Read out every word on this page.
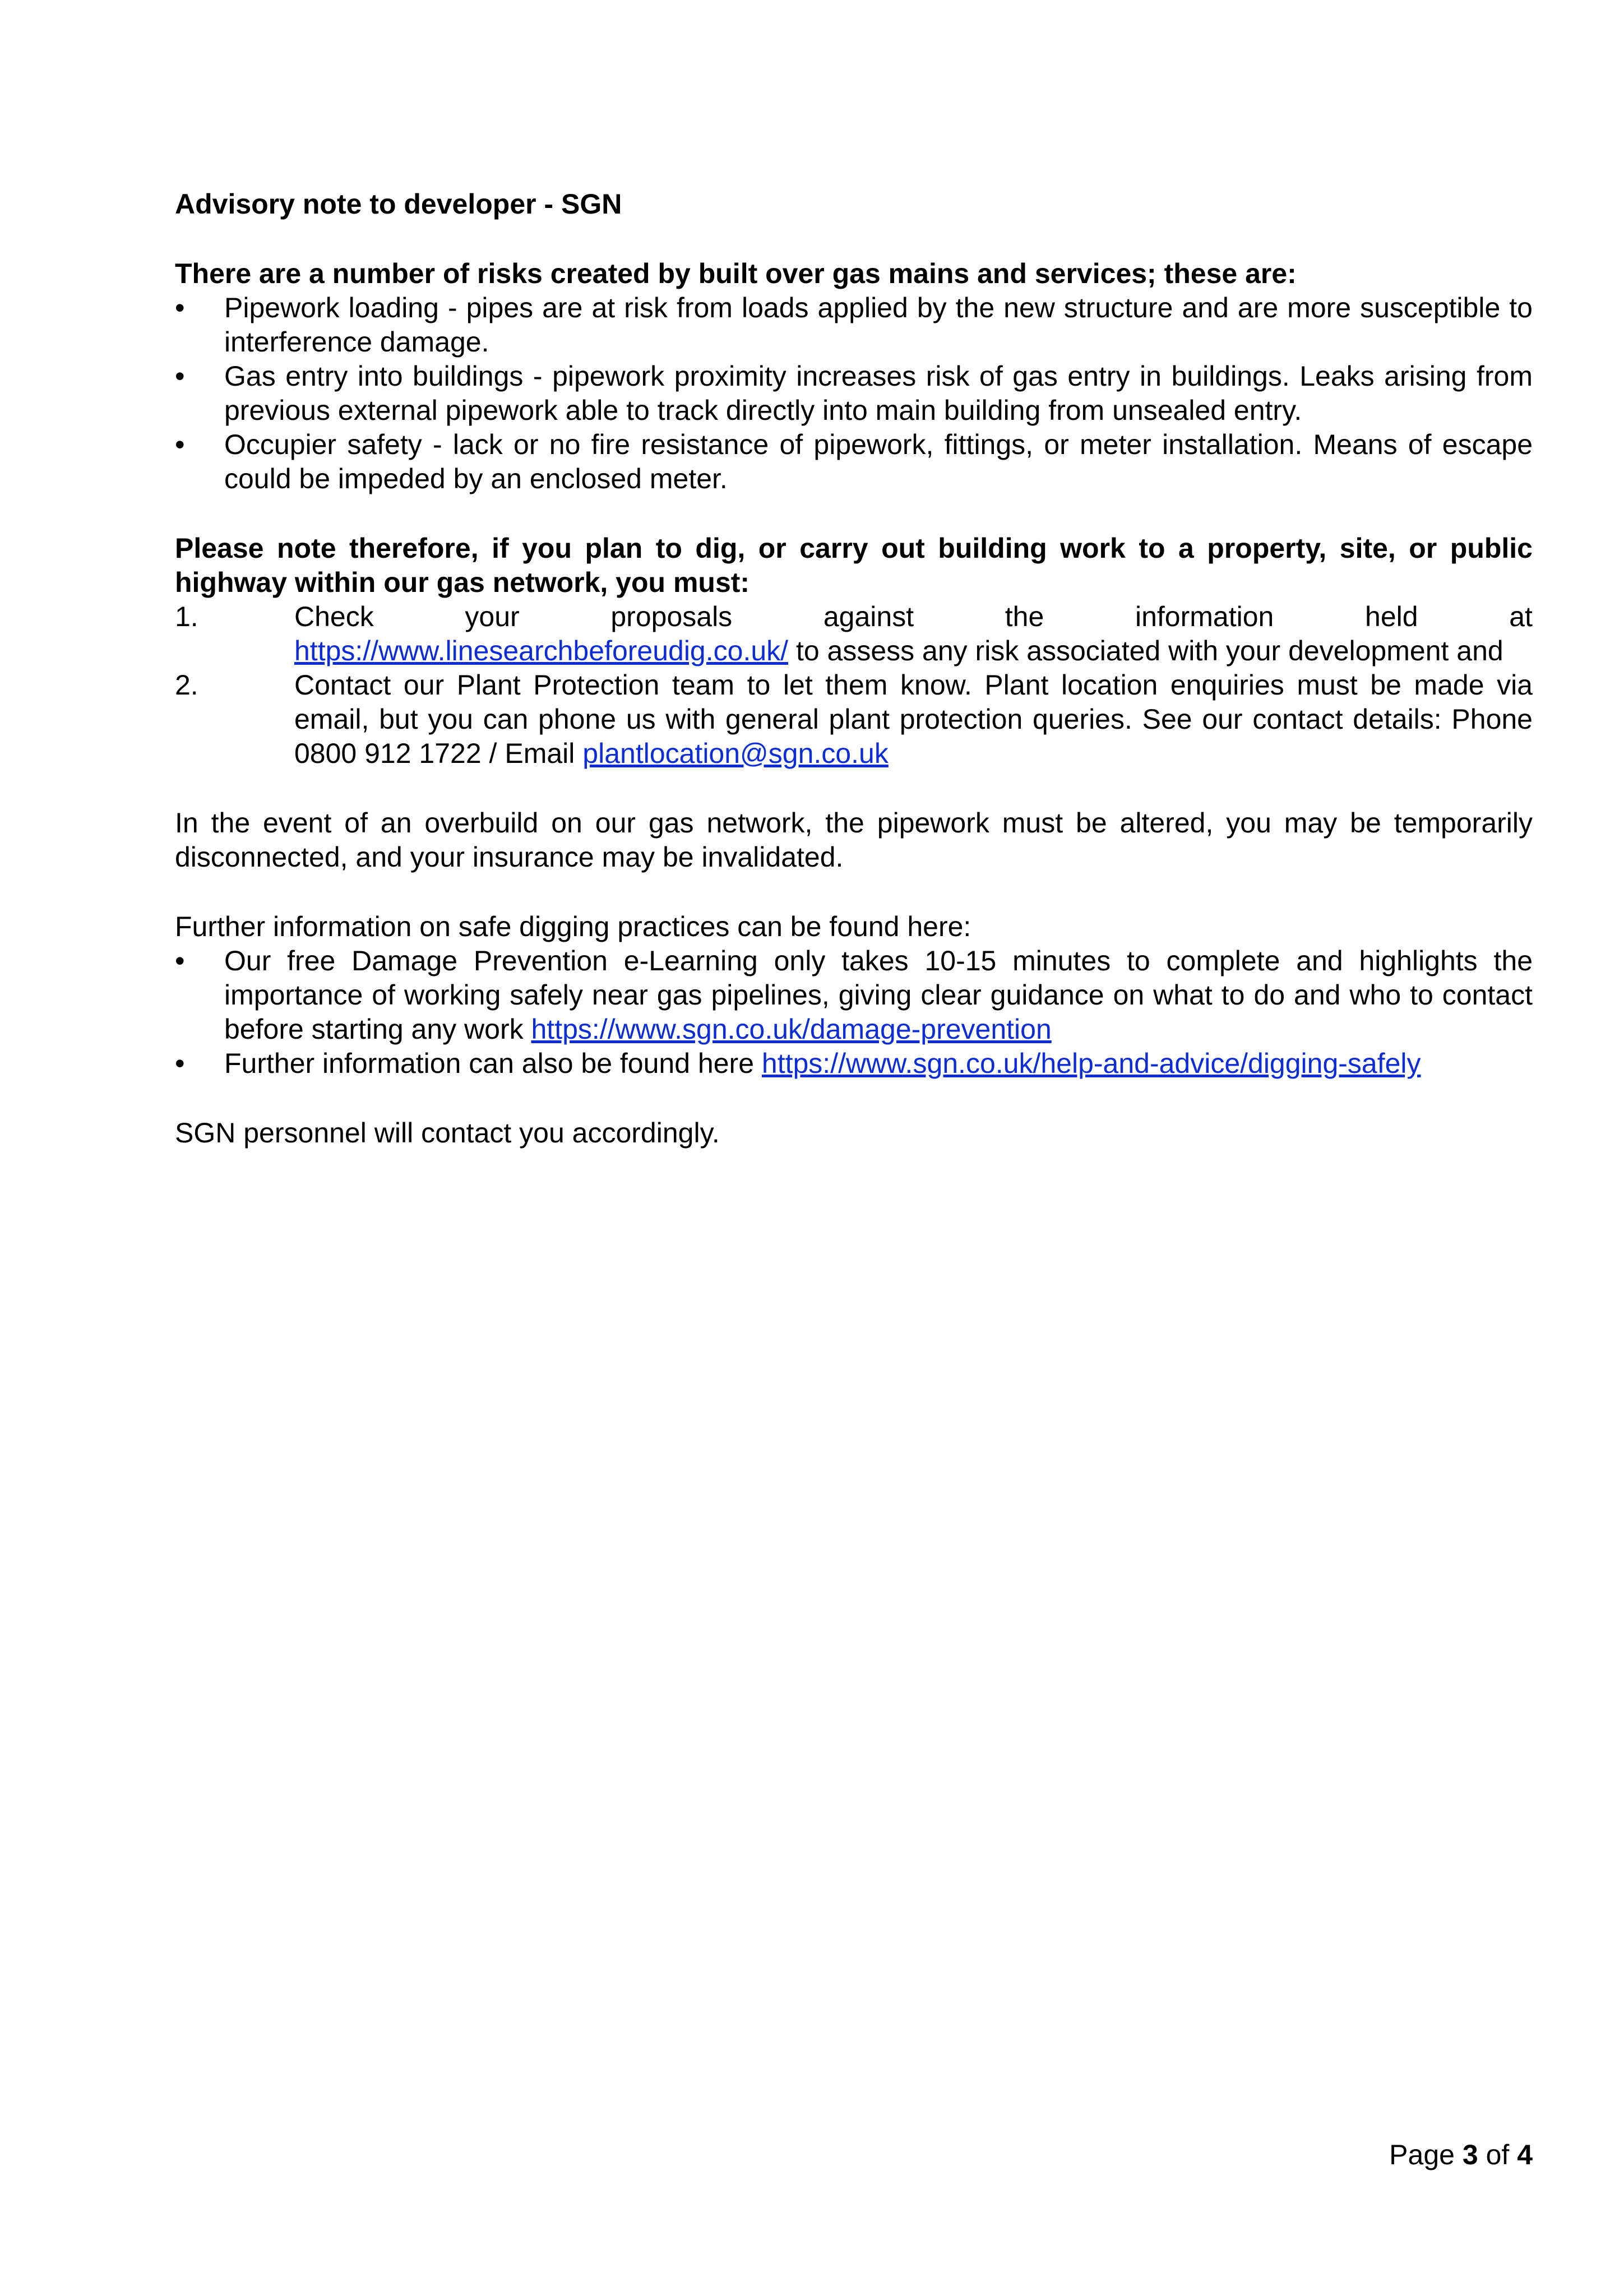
Advisory note to developer - SGN

There are a number of risks created by built over gas mains and services; these are:

• Pipework loading - pipes are at risk from loads applied by the new structure and are more susceptible to interference damage.
• Gas entry into buildings - pipework proximity increases risk of gas entry in buildings. Leaks arising from previous external pipework able to track directly into main building from unsealed entry.
• Occupier safety - lack or no fire resistance of pipework, fittings, or meter installation. Means of escape could be impeded by an enclosed meter.

Please note therefore, if you plan to dig, or carry out building work to a property, site, or public highway within our gas network, you must:

1.	Check	your	proposals	against	the	information	held	at
https://www.linesearchbeforeudig.co.uk/ to assess any risk associated with your development and
2.	Contact our Plant Protection team to let them know. Plant location enquiries must be made via email, but you can phone us with general plant protection queries. See our contact details: Phone 0800 912 1722 / Email plantlocation@sgn.co.uk

In the event of an overbuild on our gas network, the pipework must be altered, you may be temporarily disconnected, and your insurance may be invalidated.

Further information on safe digging practices can be found here:

• Our free Damage Prevention e-Learning only takes 10-15 minutes to complete and highlights the importance of working safely near gas pipelines, giving clear guidance on what to do and who to contact before starting any work https://www.sgn.co.uk/damage-prevention
• Further information can also be found here https://www.sgn.co.uk/help-and-advice/digging-safely

SGN personnel will contact you accordingly.

Page 3 of 4
